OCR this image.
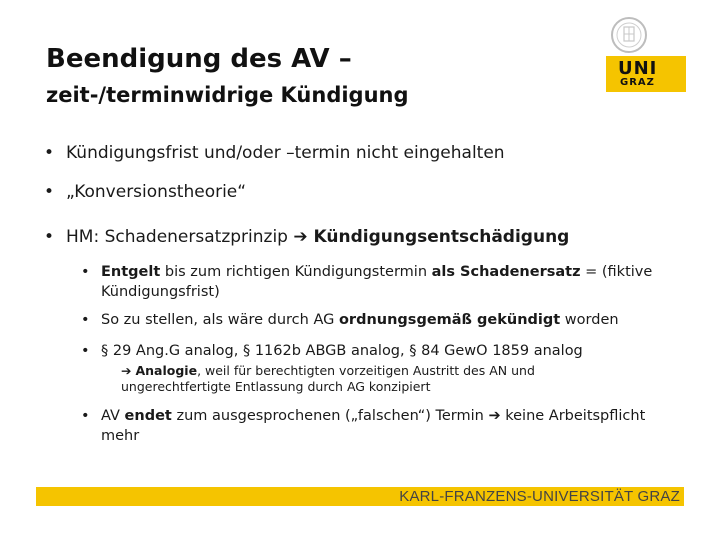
Beendigung des AV –
zeit-/terminwidrige Kündigung
UNI
GRAZ
• Kündigungsfrist und/oder –termin nicht eingehalten
• „Konversionstheorie“
• HM: Schadenersatzprinzip ➔ Kündigungsentschädigung
• Entgelt bis zum richtigen Kündigungstermin als Schadenersatz = (fiktive Kündigungsfrist)
• So zu stellen, als wäre durch AG ordnungsgemäß gekündigt worden
• § 29 Ang.G analog, § 1162b ABGB analog, § 84 GewO 1859 analog
➔ Analogie, weil für berechtigten vorzeitigen Austritt des AN und ungerechtfertigte Entlassung durch AG konzipiert
• AV endet zum ausgesprochenen („falschen“) Termin ➔ keine Arbeitspflicht mehr
KARL-FRANZENS-UNIVERSITÄT GRAZ
